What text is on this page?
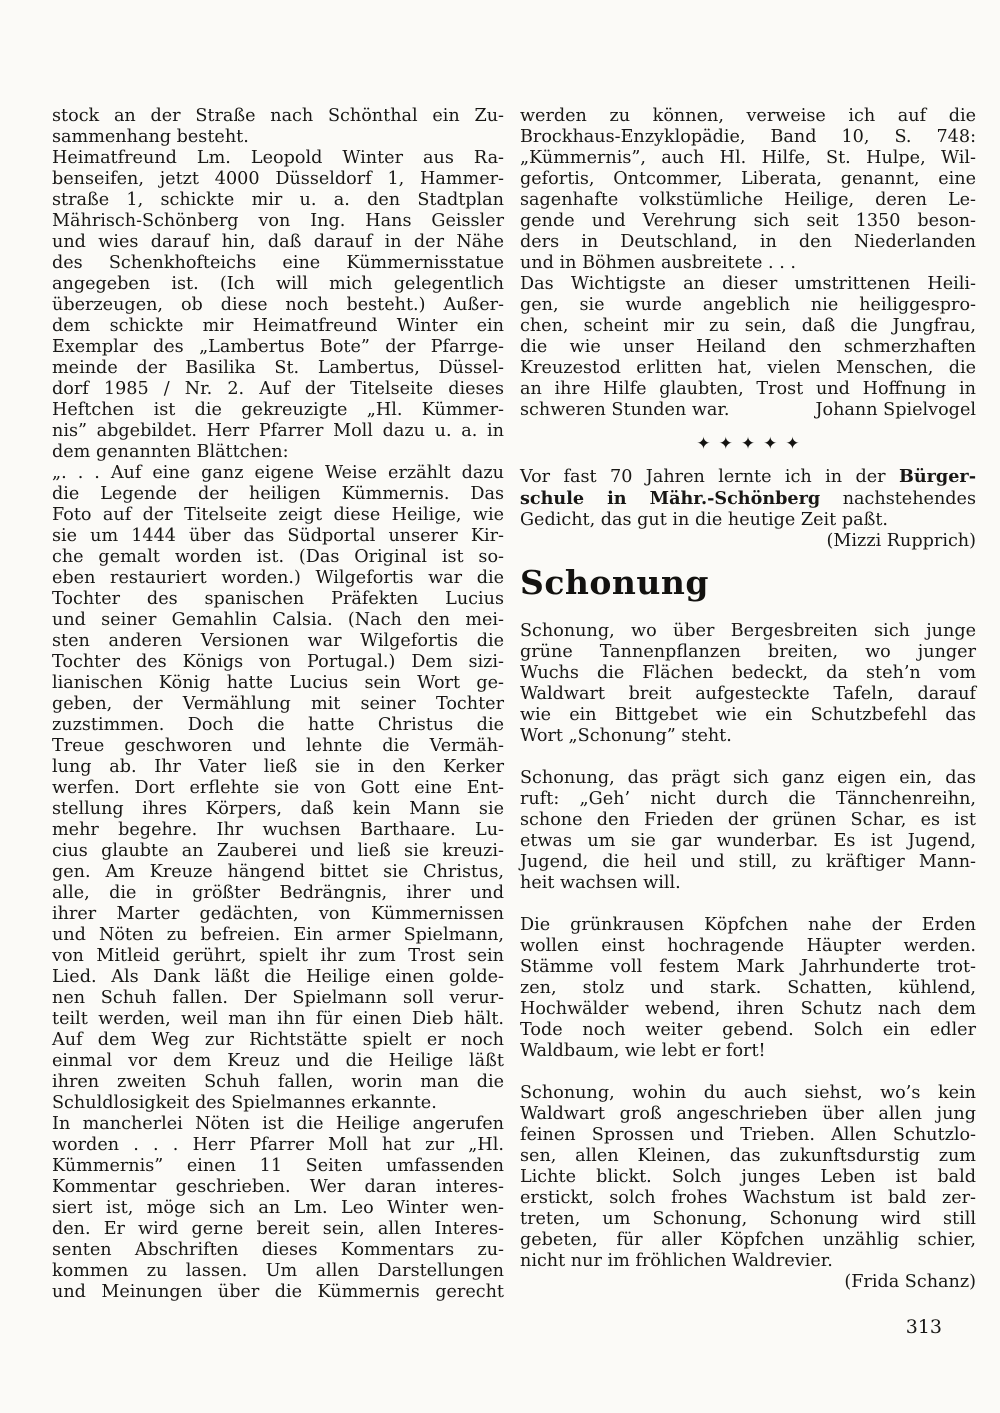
stock an der Straße nach Schönthal ein Zu-
sammenhang besteht.
Heimatfreund Lm. Leopold Winter aus Ra-
benseifen, jetzt 4000 Düsseldorf 1, Hammer-
straße 1, schickte mir u. a. den Stadtplan
Mährisch-Schönberg von Ing. Hans Geissler
und wies darauf hin, daß darauf in der Nähe
des Schenkhofteichs eine Kümmernisstatue
angegeben ist. (Ich will mich gelegentlich
überzeugen, ob diese noch besteht.) Außer-
dem schickte mir Heimatfreund Winter ein
Exemplar des „Lambertus Bote” der Pfarrge-
meinde der Basilika St. Lambertus, Düssel-
dorf 1985 / Nr. 2. Auf der Titelseite dieses
Heftchen ist die gekreuzigte „Hl. Kümmer-
nis” abgebildet. Herr Pfarrer Moll dazu u. a. in
dem genannten Blättchen:
„. . . Auf eine ganz eigene Weise erzählt dazu
die Legende der heiligen Kümmernis. Das
Foto auf der Titelseite zeigt diese Heilige, wie
sie um 1444 über das Südportal unserer Kir-
che gemalt worden ist. (Das Original ist so-
eben restauriert worden.) Wilgefortis war die
Tochter des spanischen Präfekten Lucius
und seiner Gemahlin Calsia. (Nach den mei-
sten anderen Versionen war Wilgefortis die
Tochter des Königs von Portugal.) Dem sizi-
lianischen König hatte Lucius sein Wort ge-
geben, der Vermählung mit seiner Tochter
zuzstimmen. Doch die hatte Christus die
Treue geschworen und lehnte die Vermäh-
lung ab. Ihr Vater ließ sie in den Kerker
werfen. Dort erflehte sie von Gott eine Ent-
stellung ihres Körpers, daß kein Mann sie
mehr begehre. Ihr wuchsen Barthaare. Lu-
cius glaubte an Zauberei und ließ sie kreuzi-
gen. Am Kreuze hängend bittet sie Christus,
alle, die in größter Bedrängnis, ihrer und
ihrer Marter gedächten, von Kümmernissen
und Nöten zu befreien. Ein armer Spielmann,
von Mitleid gerührt, spielt ihr zum Trost sein
Lied. Als Dank läßt die Heilige einen golde-
nen Schuh fallen. Der Spielmann soll verur-
teilt werden, weil man ihn für einen Dieb hält.
Auf dem Weg zur Richtstätte spielt er noch
einmal vor dem Kreuz und die Heilige läßt
ihren zweiten Schuh fallen, worin man die
Schuldlosigkeit des Spielmannes erkannte.
In mancherlei Nöten ist die Heilige angerufen
worden . . . Herr Pfarrer Moll hat zur „Hl.
Kümmernis” einen 11 Seiten umfassenden
Kommentar geschrieben. Wer daran interes-
siert ist, möge sich an Lm. Leo Winter wen-
den. Er wird gerne bereit sein, allen Interes-
senten Abschriften dieses Kommentars zu-
kommen zu lassen. Um allen Darstellungen
und Meinungen über die Kümmernis gerecht
werden zu können, verweise ich auf die
Brockhaus-Enzyklopädie, Band 10, S. 748:
„Kümmernis”, auch Hl. Hilfe, St. Hulpe, Wil-
gefortis, Ontcommer, Liberata, genannt, eine
sagenhafte volkstümliche Heilige, deren Le-
gende und Verehrung sich seit 1350 beson-
ders in Deutschland, in den Niederlanden
und in Böhmen ausbreitete . . .
Das Wichtigste an dieser umstrittenen Heili-
gen, sie wurde angeblich nie heiliggespro-
chen, scheint mir zu sein, daß die Jungfrau,
die wie unser Heiland den schmerzhaften
Kreuzestod erlitten hat, vielen Menschen, die
an ihre Hilfe glaubten, Trost und Hoffnung in
schweren Stunden war.	Johann Spielvogel
✦✦✦✦✦
Vor fast 70 Jahren lernte ich in der Bürger-
schule in Mähr.-Schönberg nachstehendes
Gedicht, das gut in die heutige Zeit paßt.
(Mizzi Rupprich)
Schonung
Schonung, wo über Bergesbreiten sich junge
grüne Tannenpflanzen breiten, wo junger
Wuchs die Flächen bedeckt, da steh’n vom
Waldwart breit aufgesteckte Tafeln, darauf
wie ein Bittgebet wie ein Schutzbefehl das
Wort „Schonung” steht.
Schonung, das prägt sich ganz eigen ein, das
ruft: „Geh’ nicht durch die Tännchenreihn,
schone den Frieden der grünen Schar, es ist
etwas um sie gar wunderbar. Es ist Jugend,
Jugend, die heil und still, zu kräftiger Mann-
heit wachsen will.
Die grünkrausen Köpfchen nahe der Erden
wollen einst hochragende Häupter werden.
Stämme voll festem Mark Jahrhunderte trot-
zen, stolz und stark. Schatten, kühlend,
Hochwälder webend, ihren Schutz nach dem
Tode noch weiter gebend. Solch ein edler
Waldbaum, wie lebt er fort!
Schonung, wohin du auch siehst, wo’s kein
Waldwart groß angeschrieben über allen jung
feinen Sprossen und Trieben. Allen Schutzlo-
sen, allen Kleinen, das zukunftsdurstig zum
Lichte blickt. Solch junges Leben ist bald
erstickt, solch frohes Wachstum ist bald zer-
treten, um Schonung, Schonung wird still
gebeten, für aller Köpfchen unzählig schier,
nicht nur im fröhlichen Waldrevier.
(Frida Schanz)
313
